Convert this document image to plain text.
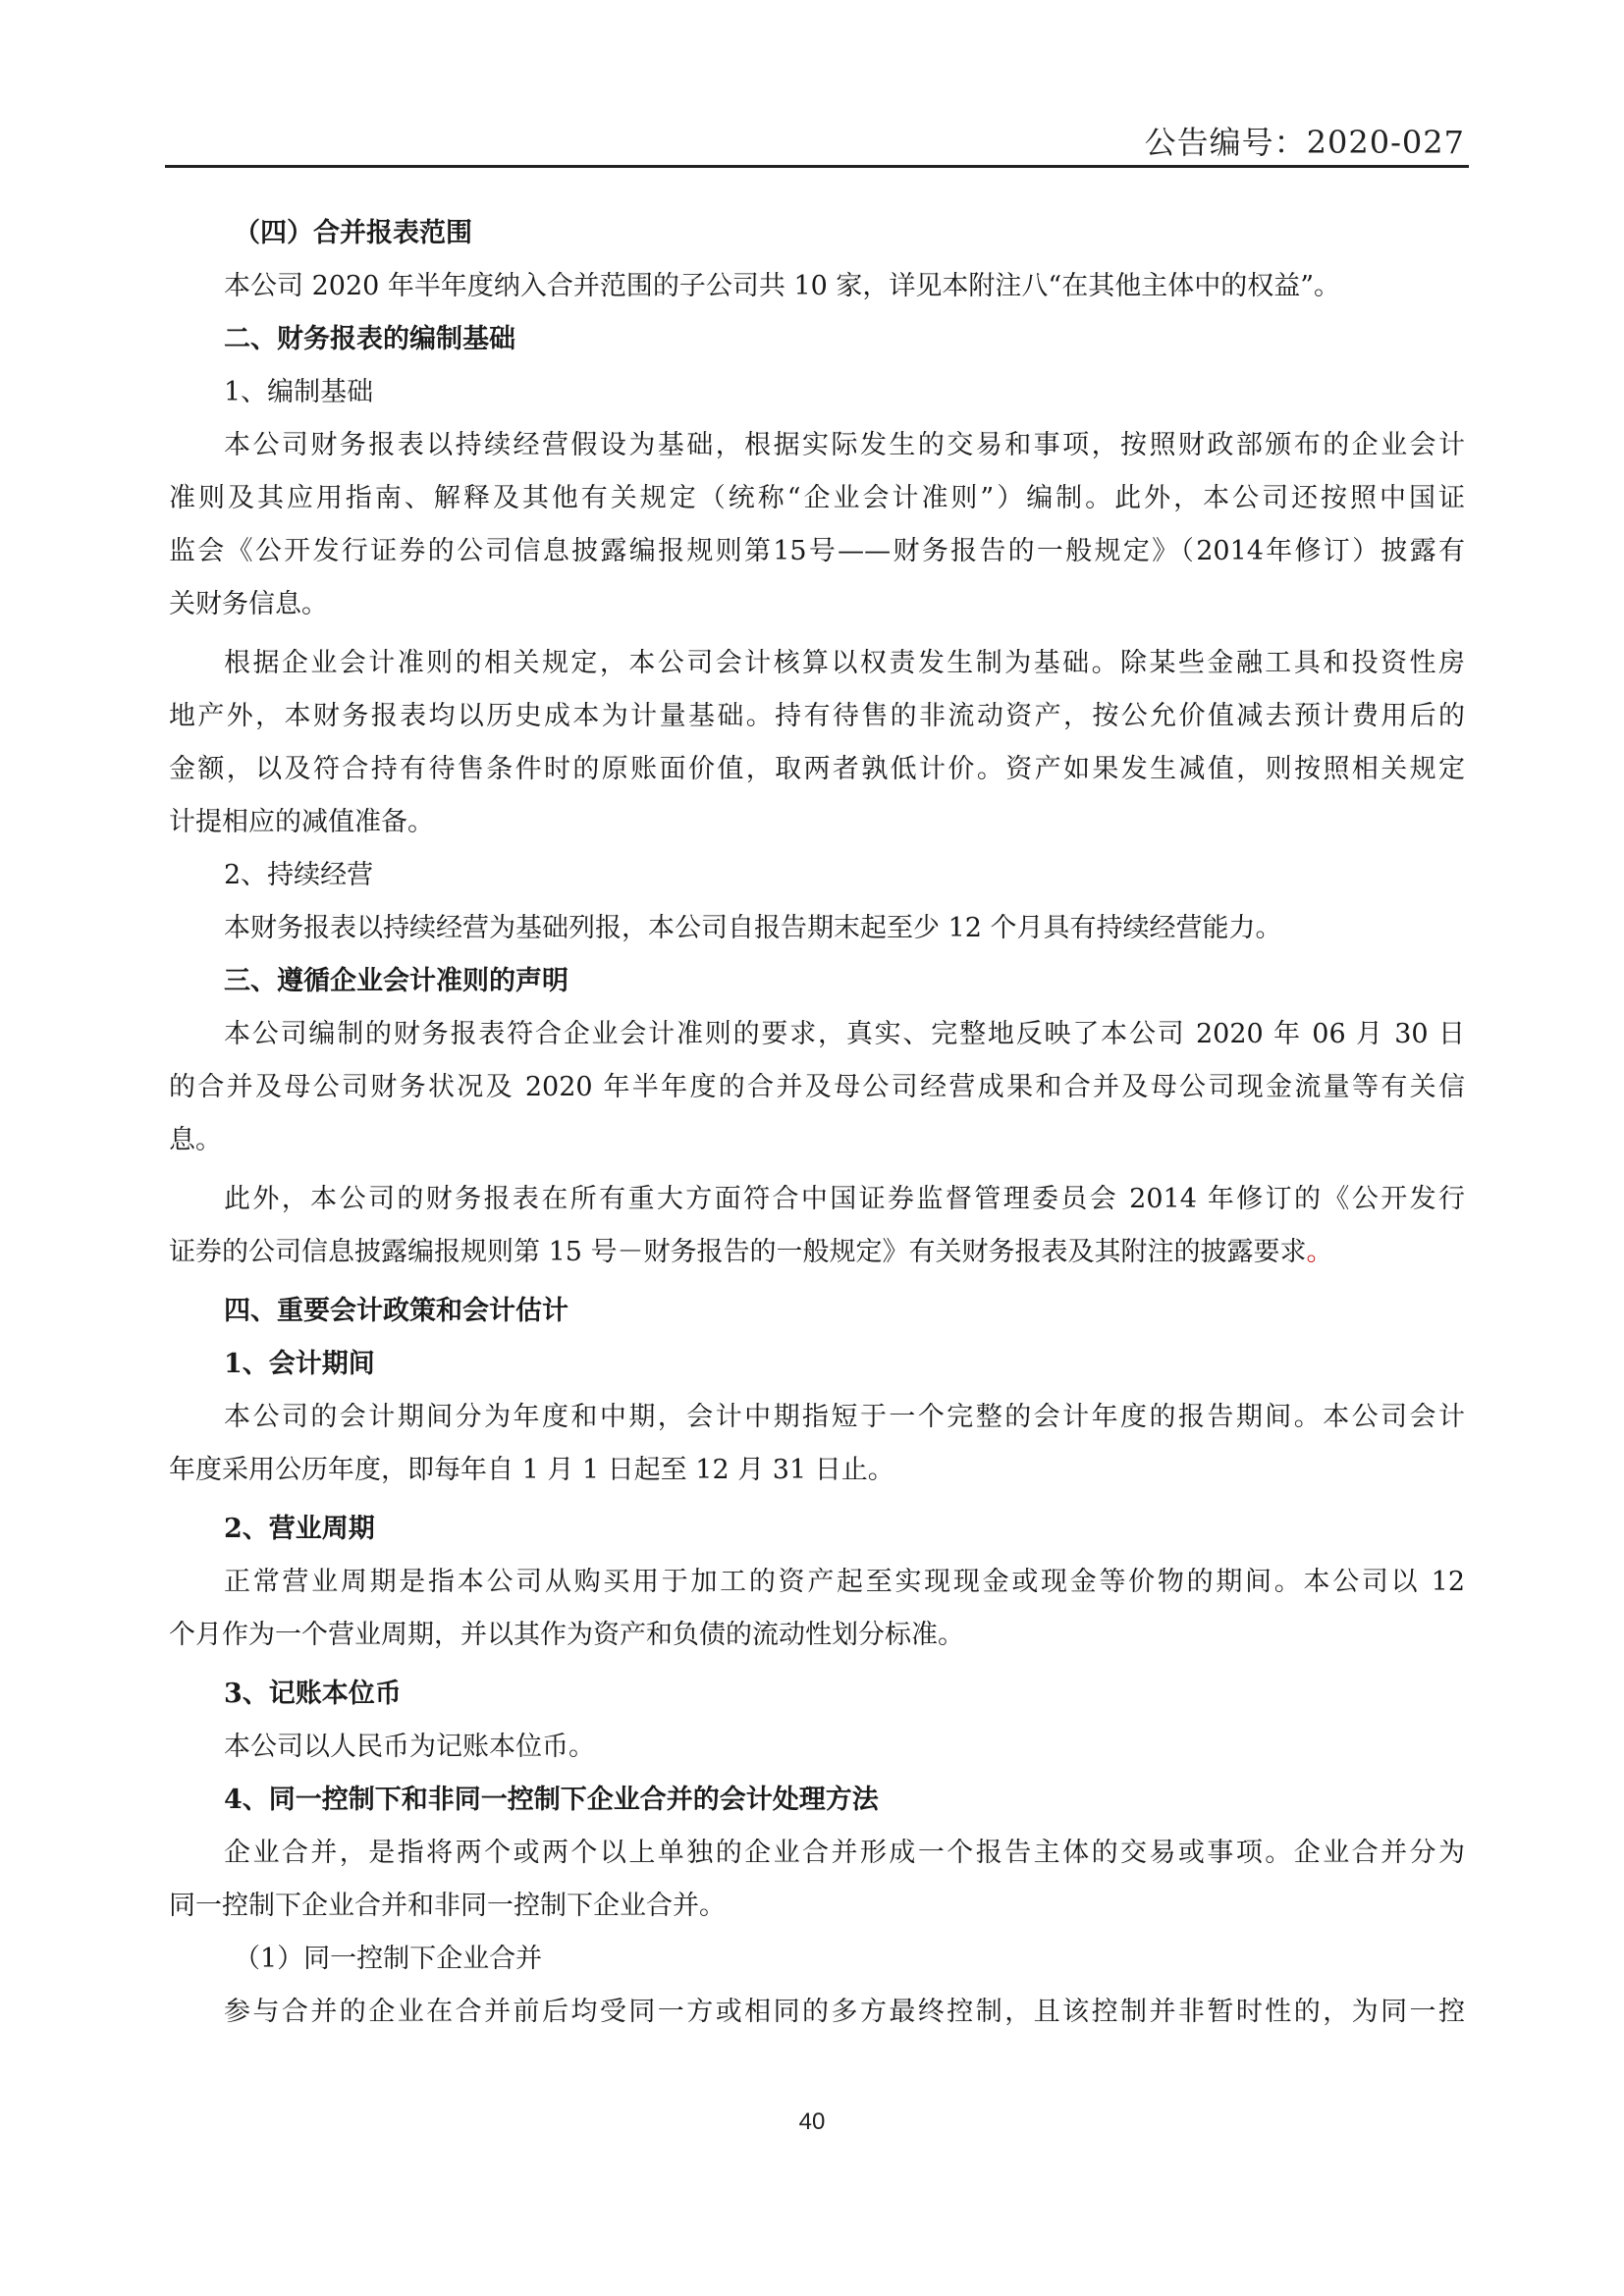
公告编号：2020-027
（四）合并报表范围
本公司 2020 年半年度纳入合并范围的子公司共 10 家，详见本附注八“在其他主体中的权益”。
二、财务报表的编制基础
1、编制基础
本公司财务报表以持续经营假设为基础，根据实际发生的交易和事项，按照财政部颁布的企业会计
准则及其应用指南、解释及其他有关规定（统称“企业会计准则”）编制。此外，本公司还按照中国证
监会《公开发行证券的公司信息披露编报规则第15号——财务报告的一般规定》（2014年修订）披露有
关财务信息。
根据企业会计准则的相关规定，本公司会计核算以权责发生制为基础。除某些金融工具和投资性房
地产外，本财务报表均以历史成本为计量基础。持有待售的非流动资产，按公允价值减去预计费用后的
金额，以及符合持有待售条件时的原账面价值，取两者孰低计价。资产如果发生减值，则按照相关规定
计提相应的减值准备。
2、持续经营
本财务报表以持续经营为基础列报，本公司自报告期末起至少 12 个月具有持续经营能力。
三、遵循企业会计准则的声明
本公司编制的财务报表符合企业会计准则的要求，真实、完整地反映了本公司 2020 年 06 月 30 日
的合并及母公司财务状况及 2020 年半年度的合并及母公司经营成果和合并及母公司现金流量等有关信
息。
此外，本公司的财务报表在所有重大方面符合中国证券监督管理委员会 2014 年修订的《公开发行
证券的公司信息披露编报规则第 15 号－财务报告的一般规定》有关财务报表及其附注的披露要求。
四、重要会计政策和会计估计
1、会计期间
本公司的会计期间分为年度和中期，会计中期指短于一个完整的会计年度的报告期间。本公司会计
年度采用公历年度，即每年自 1 月 1 日起至 12 月 31 日止。
2、营业周期
正常营业周期是指本公司从购买用于加工的资产起至实现现金或现金等价物的期间。本公司以 12
个月作为一个营业周期，并以其作为资产和负债的流动性划分标准。
3、记账本位币
本公司以人民币为记账本位币。
4、同一控制下和非同一控制下企业合并的会计处理方法
企业合并，是指将两个或两个以上单独的企业合并形成一个报告主体的交易或事项。企业合并分为
同一控制下企业合并和非同一控制下企业合并。
（1）同一控制下企业合并
参与合并的企业在合并前后均受同一方或相同的多方最终控制，且该控制并非暂时性的，为同一控
40
